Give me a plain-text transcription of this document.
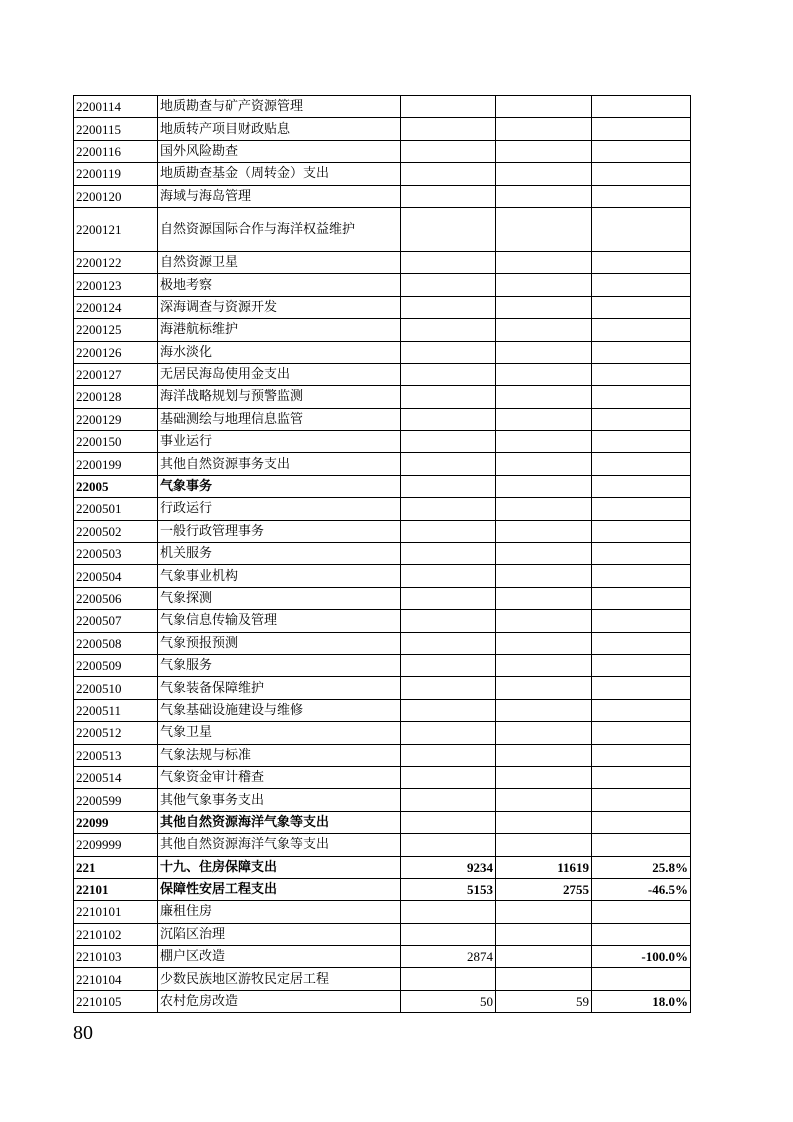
2200114	地质勘查与矿产资源管理			
2200115	地质转产项目财政贴息			
2200116	国外风险勘查			
2200119	地质勘查基金（周转金）支出			
2200120	海域与海岛管理			
2200121	自然资源国际合作与海洋权益维护			
2200122	自然资源卫星			
2200123	极地考察			
2200124	深海调查与资源开发			
2200125	海港航标维护			
2200126	海水淡化			
2200127	无居民海岛使用金支出			
2200128	海洋战略规划与预警监测			
2200129	基础测绘与地理信息监管			
2200150	事业运行			
2200199	其他自然资源事务支出			
22005	气象事务			
2200501	行政运行			
2200502	一般行政管理事务			
2200503	机关服务			
2200504	气象事业机构			
2200506	气象探测			
2200507	气象信息传输及管理			
2200508	气象预报预测			
2200509	气象服务			
2200510	气象装备保障维护			
2200511	气象基础设施建设与维修			
2200512	气象卫星			
2200513	气象法规与标准			
2200514	气象资金审计稽查			
2200599	其他气象事务支出			
22099	其他自然资源海洋气象等支出			
2209999	其他自然资源海洋气象等支出			
221	十九、住房保障支出	9234	11619	25.8%
22101	保障性安居工程支出	5153	2755	-46.5%
2210101	廉租住房			
2210102	沉陷区治理			
2210103	棚户区改造	2874		-100.0%
2210104	少数民族地区游牧民定居工程			
2210105	农村危房改造	50	59	18.0%
80
